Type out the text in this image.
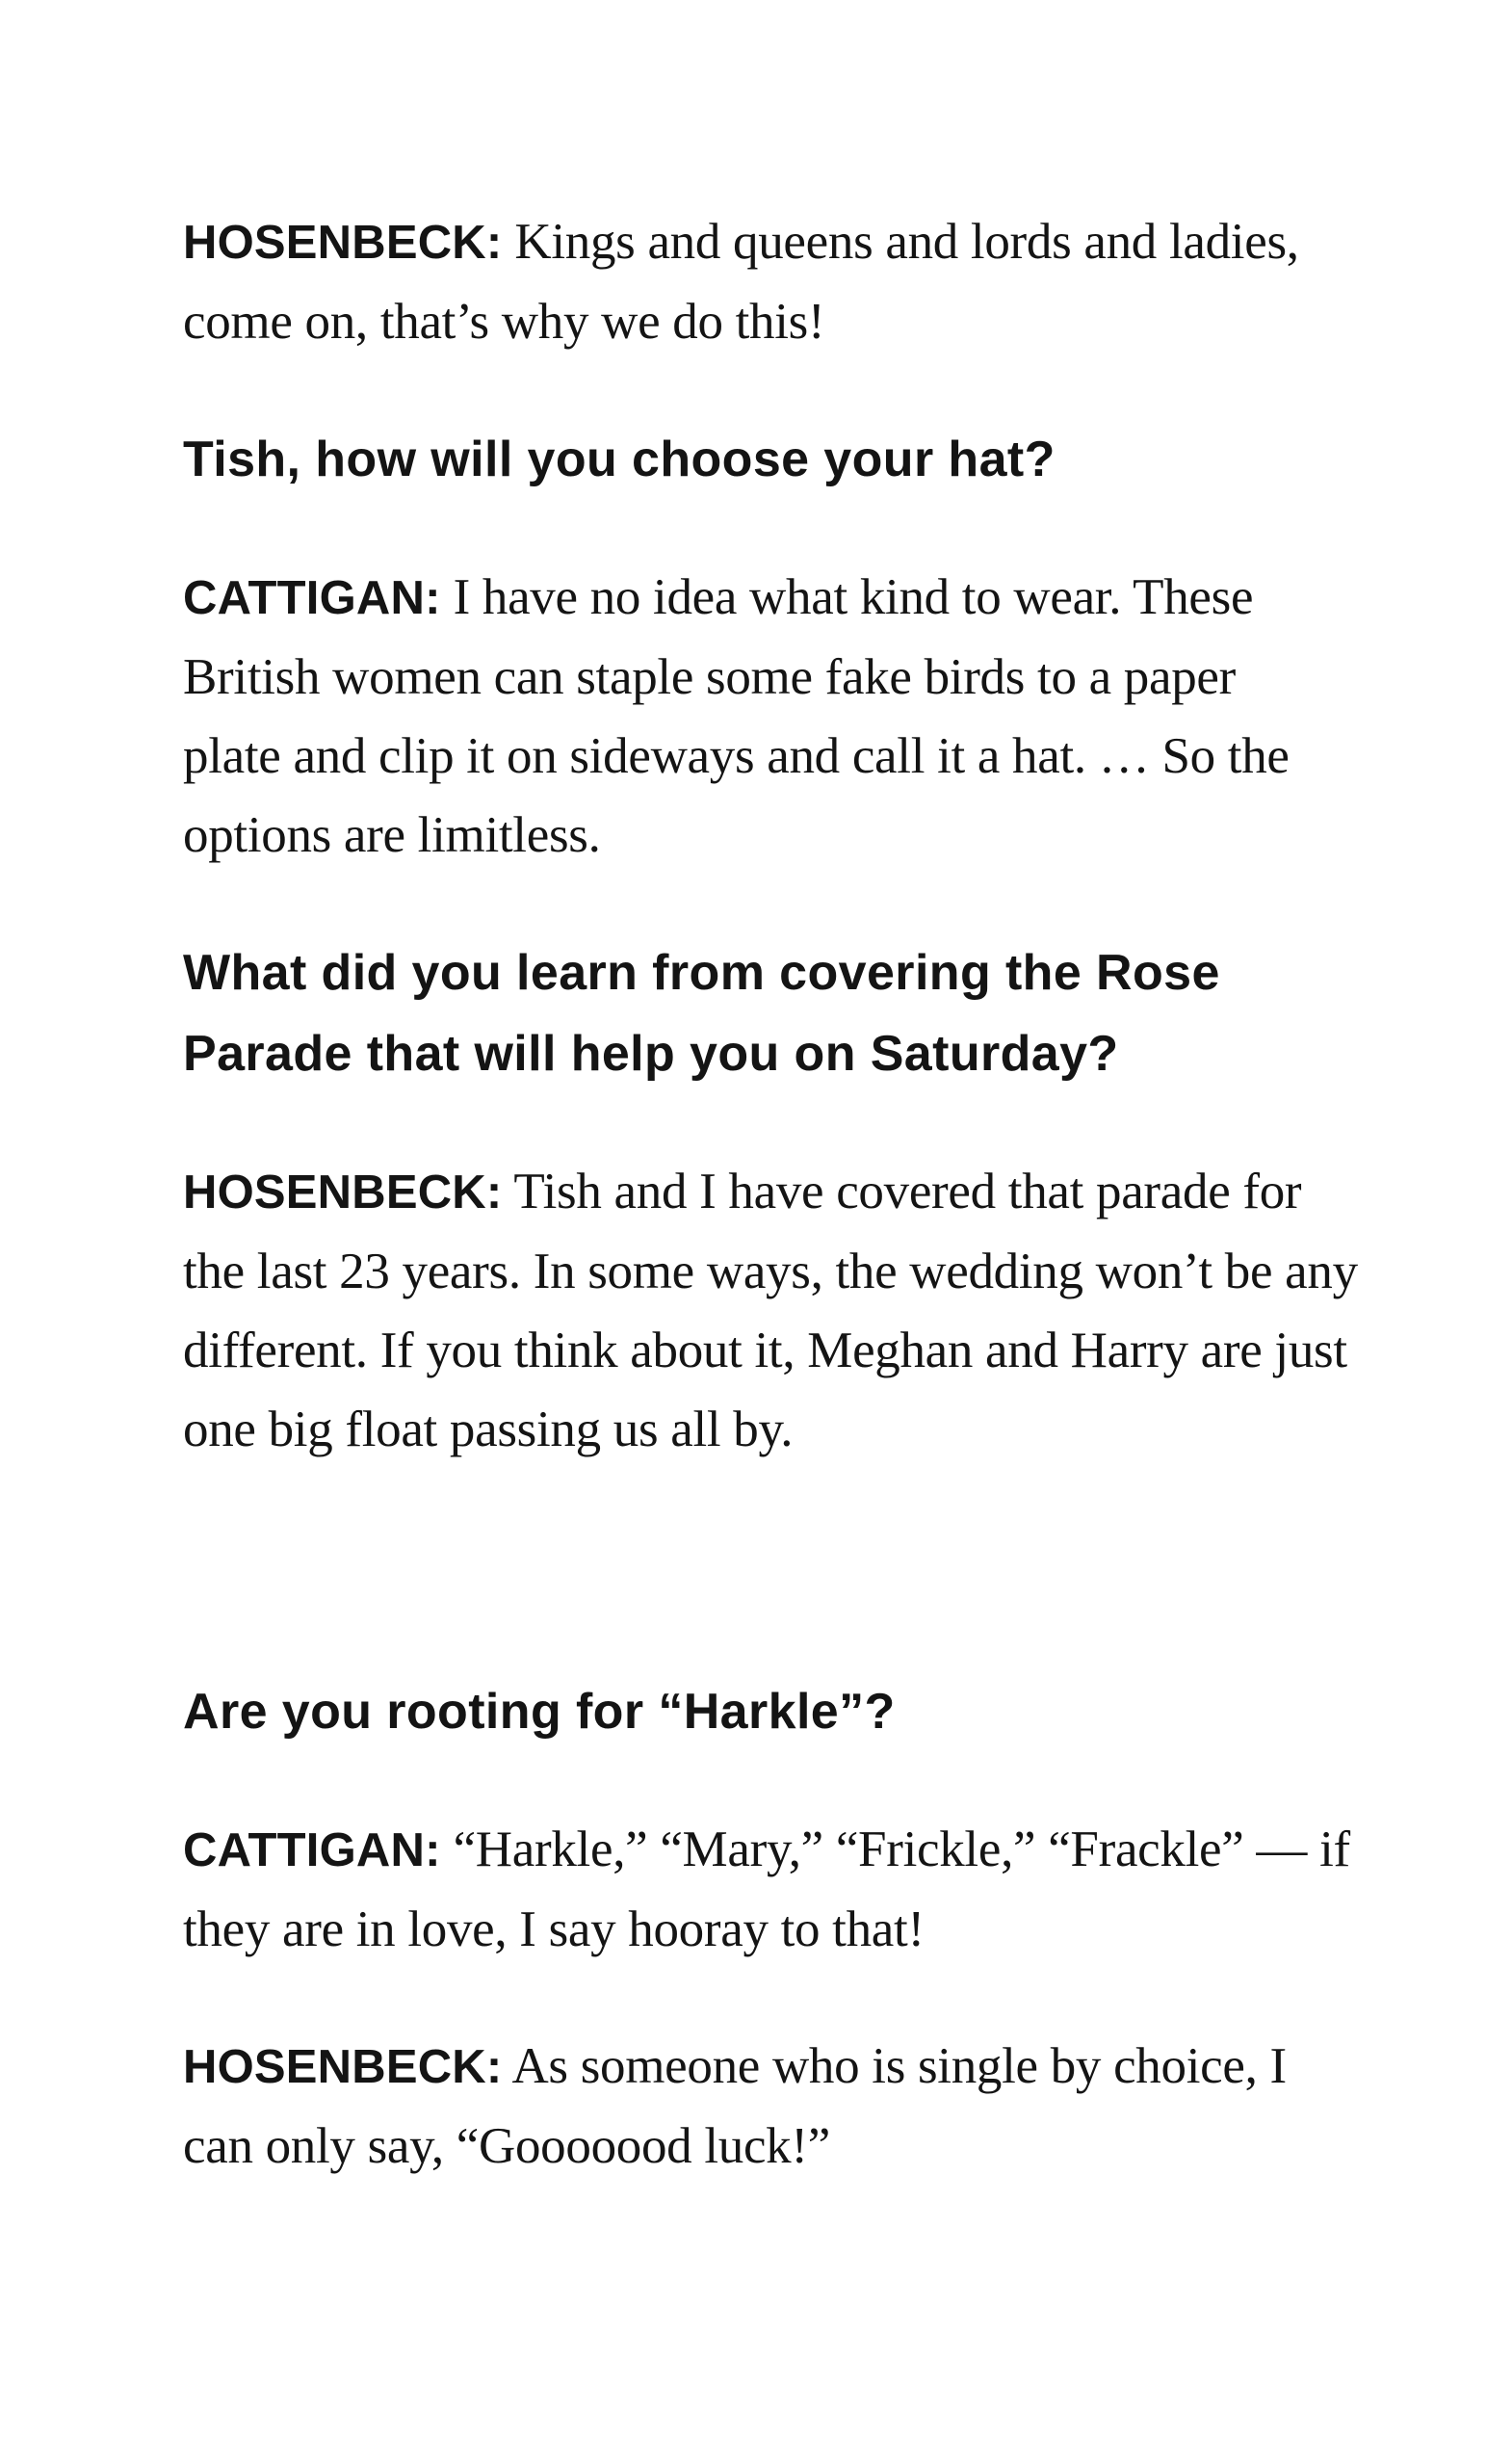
HOSENBECK: Kings and queens and lords and ladies, come on, that’s why we do this!

Tish, how will you choose your hat?

CATTIGAN: I have no idea what kind to wear. These British women can staple some fake birds to a paper plate and clip it on sideways and call it a hat. … So the options are limitless.

What did you learn from covering the Rose Parade that will help you on Saturday?

HOSENBECK: Tish and I have covered that parade for the last 23 years. In some ways, the wedding won’t be any different. If you think about it, Meghan and Harry are just one big float passing us all by.

Are you rooting for “Harkle”?

CATTIGAN: “Harkle,” “Mary,” “Frickle,” “Frackle” — if they are in love, I say hooray to that!

HOSENBECK: As someone who is single by choice, I can only say, “Gooooood luck!”
